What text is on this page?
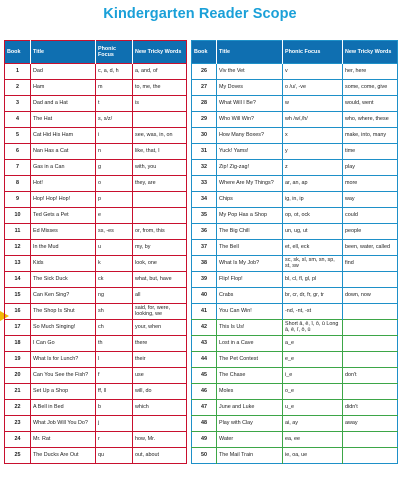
Kindergarten Reader Scope
Book	Title	Phonic Focus	New Tricky Words
1	Dad	c, a, d, h	a, and, of
2	Ham	m	to, me, the
3	Dad and a Hat	t	is
4	The Hat	s, s/z/	
5	Cat Hid His Ham	i	see, was, in, on
6	Nan Has a Cat	n	like, that, I
7	Gas in a Can	g	with, you
8	Hot!	o	they, are
9	Hop! Hop! Hop!	p	
10	Ted Gets a Pet	e	
11	Ed Misses	ss, -es	or, from, this
12	In the Mud	u	my, by
13	Kids	k	look, one
14	The Sick Duck	ck	what, but, have
15	Can Ken Sing?	ng	all
16	The Shop Is Shut	sh	said, for, were, looking, we
17	So Much Singing!	ch	your, when
18	I Can Go	th	there
19	What Is for Lunch?	l	their
20	Can You See the Fish?	f	use
21	Set Up a Shop	ff, ll	will, do
22	A Bell in Bed	b	which
23	What Job Will You Do?	j	
24	Mr. Rat	r	how, Mr.
25	The Ducks Are Out	qu	out, about
Book	Title	Phonic Focus	New Tricky Words
26	Viv the Vet	v	her, here
27	My Doves	o /u/, -ve	some, come, give
28	What Will I Be?	w	would, went
29	Who Will Win?	wh /w/,/h/	who, where, these
30	How Many Boxes?	x	make, into, many
31	Yuck! Yams!	y	time
32	Zip! Zig-zag!	z	play
33	Where Are My Things?	ar, an, ap	more
34	Chips	ig, in, ip	way
35	My Pop Has a Shop	op, ot, ock	could
36	The Big Chill	un, ug, ut	people
37	The Bell	et, ell, eck	been, water, called
38	What Is My Job?	sc, sk, sl, sm, sn, sp, st, sw	find
39	Flip! Flop!	bl, cl, fl, gl, pl	
40	Crabs	br, cr, dr, fr, gr, tr	down, now
41	You Can Win!	-nd, -nt, -st	
42	This Is Us!	Short ā, ē, ī, ō, ū Long ā, ē, ī, ō, ū	
43	Lost in a Cave	a_e	
44	The Pet Contest	e_e	
45	The Chase	i_e	don't
46	Moles	o_e	
47	June and Luke	u_e	didn't
48	Play with Clay	ai, ay	away
49	Water	ea, ee	
50	The Mail Train	ie, oa, ue	
